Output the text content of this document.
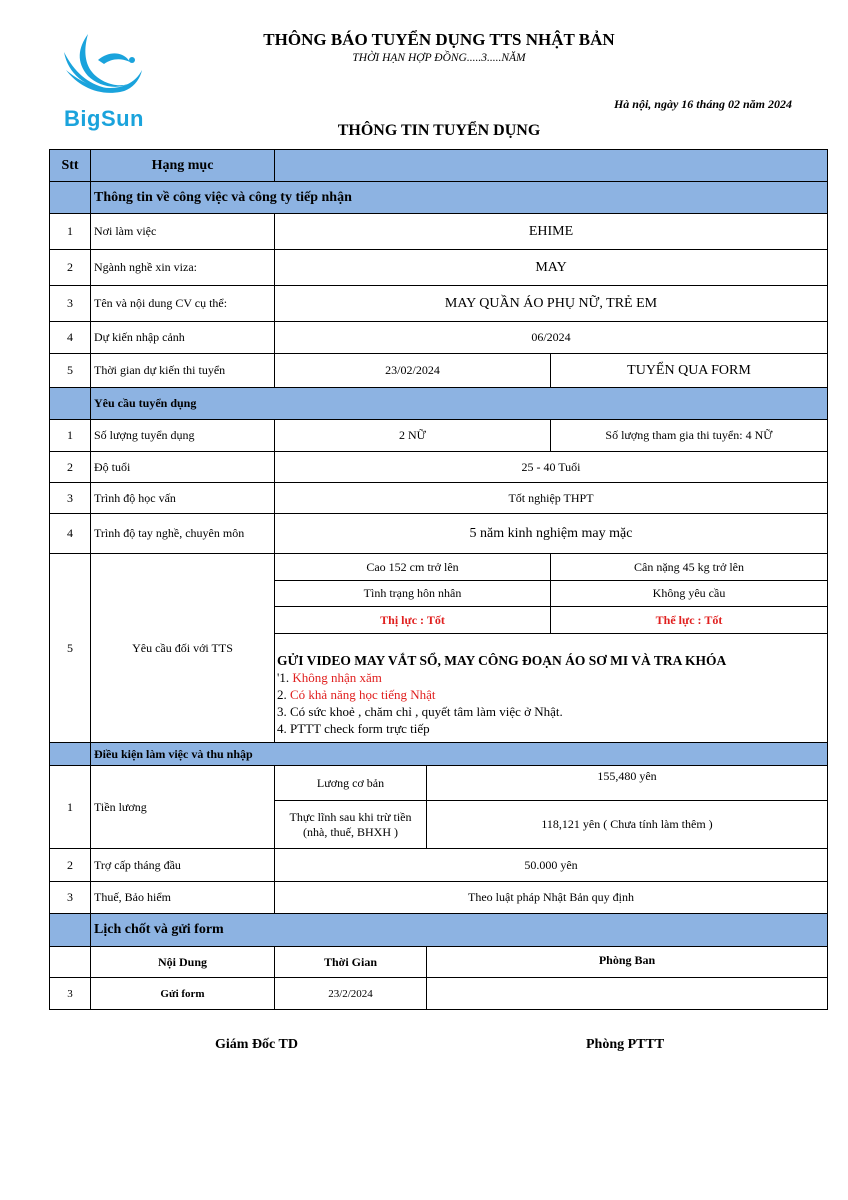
BigSun
THÔNG BÁO TUYỂN DỤNG TTS NHẬT BẢN
THỜI HẠN HỢP ĐỒNG.....3.....NĂM
Hà nội, ngày 16 tháng 02 năm 2024
THÔNG TIN TUYỂN DỤNG
Stt	Hạng mục			
	Thông tin về công việc và công ty tiếp nhận			
1	Nơi làm việc	EHIME		
2	Ngành nghề xin viza:	MAY		
3	Tên và nội dung CV cụ thể:	MAY QUẦN ÁO PHỤ NỮ, TRẺ EM		
4	Dự kiến nhập cảnh	06/2024		
5	Thời gian dự kiến thi tuyển	23/02/2024		TUYỂN QUA FORM
	Yêu cầu tuyển dụng			
1	Số lượng tuyển dụng	2 NỮ		Số lượng tham gia thi tuyển: 4 NỮ
2	Độ tuổi	25 - 40 Tuổi		
3	Trình độ học vấn	Tốt nghiệp THPT		
4	Trình độ tay nghề, chuyên môn	5 năm kinh nghiệm may mặc		
5	Yêu cầu đối với TTS	Cao 152 cm trở lên		Cân nặng 45 kg trở lên
		Tình trạng hôn nhân		Không yêu cầu
		Thị lực : Tốt		Thể lực : Tốt

		GỬI VIDEO MAY VẮT SỔ, MAY CÔNG ĐOẠN ÁO SƠ MI VÀ TRA KHÓA
'1. Không nhận xăm
2. Có khả năng học tiếng Nhật
3. Có sức khoẻ , chăm chỉ , quyết tâm làm việc ở Nhật.
4. PTTT check form trực tiếp		

	Điều kiện làm việc và thu nhập			
1	Tiền lương	Lương cơ bản	155,480 yên	
		Thực lĩnh sau khi trừ tiền (nhà, thuế, BHXH )	118,121 yên ( Chưa tính làm thêm )	
2	Trợ cấp tháng đầu	50.000 yên		
3	Thuế, Bảo hiểm	Theo luật pháp Nhật Bản quy định		
	Lịch chốt và gửi form			
	Nội Dung	Thời Gian	Phòng Ban	
3	Gửi form	23/2/2024		
Giám Đốc TD	Phòng PTTT
